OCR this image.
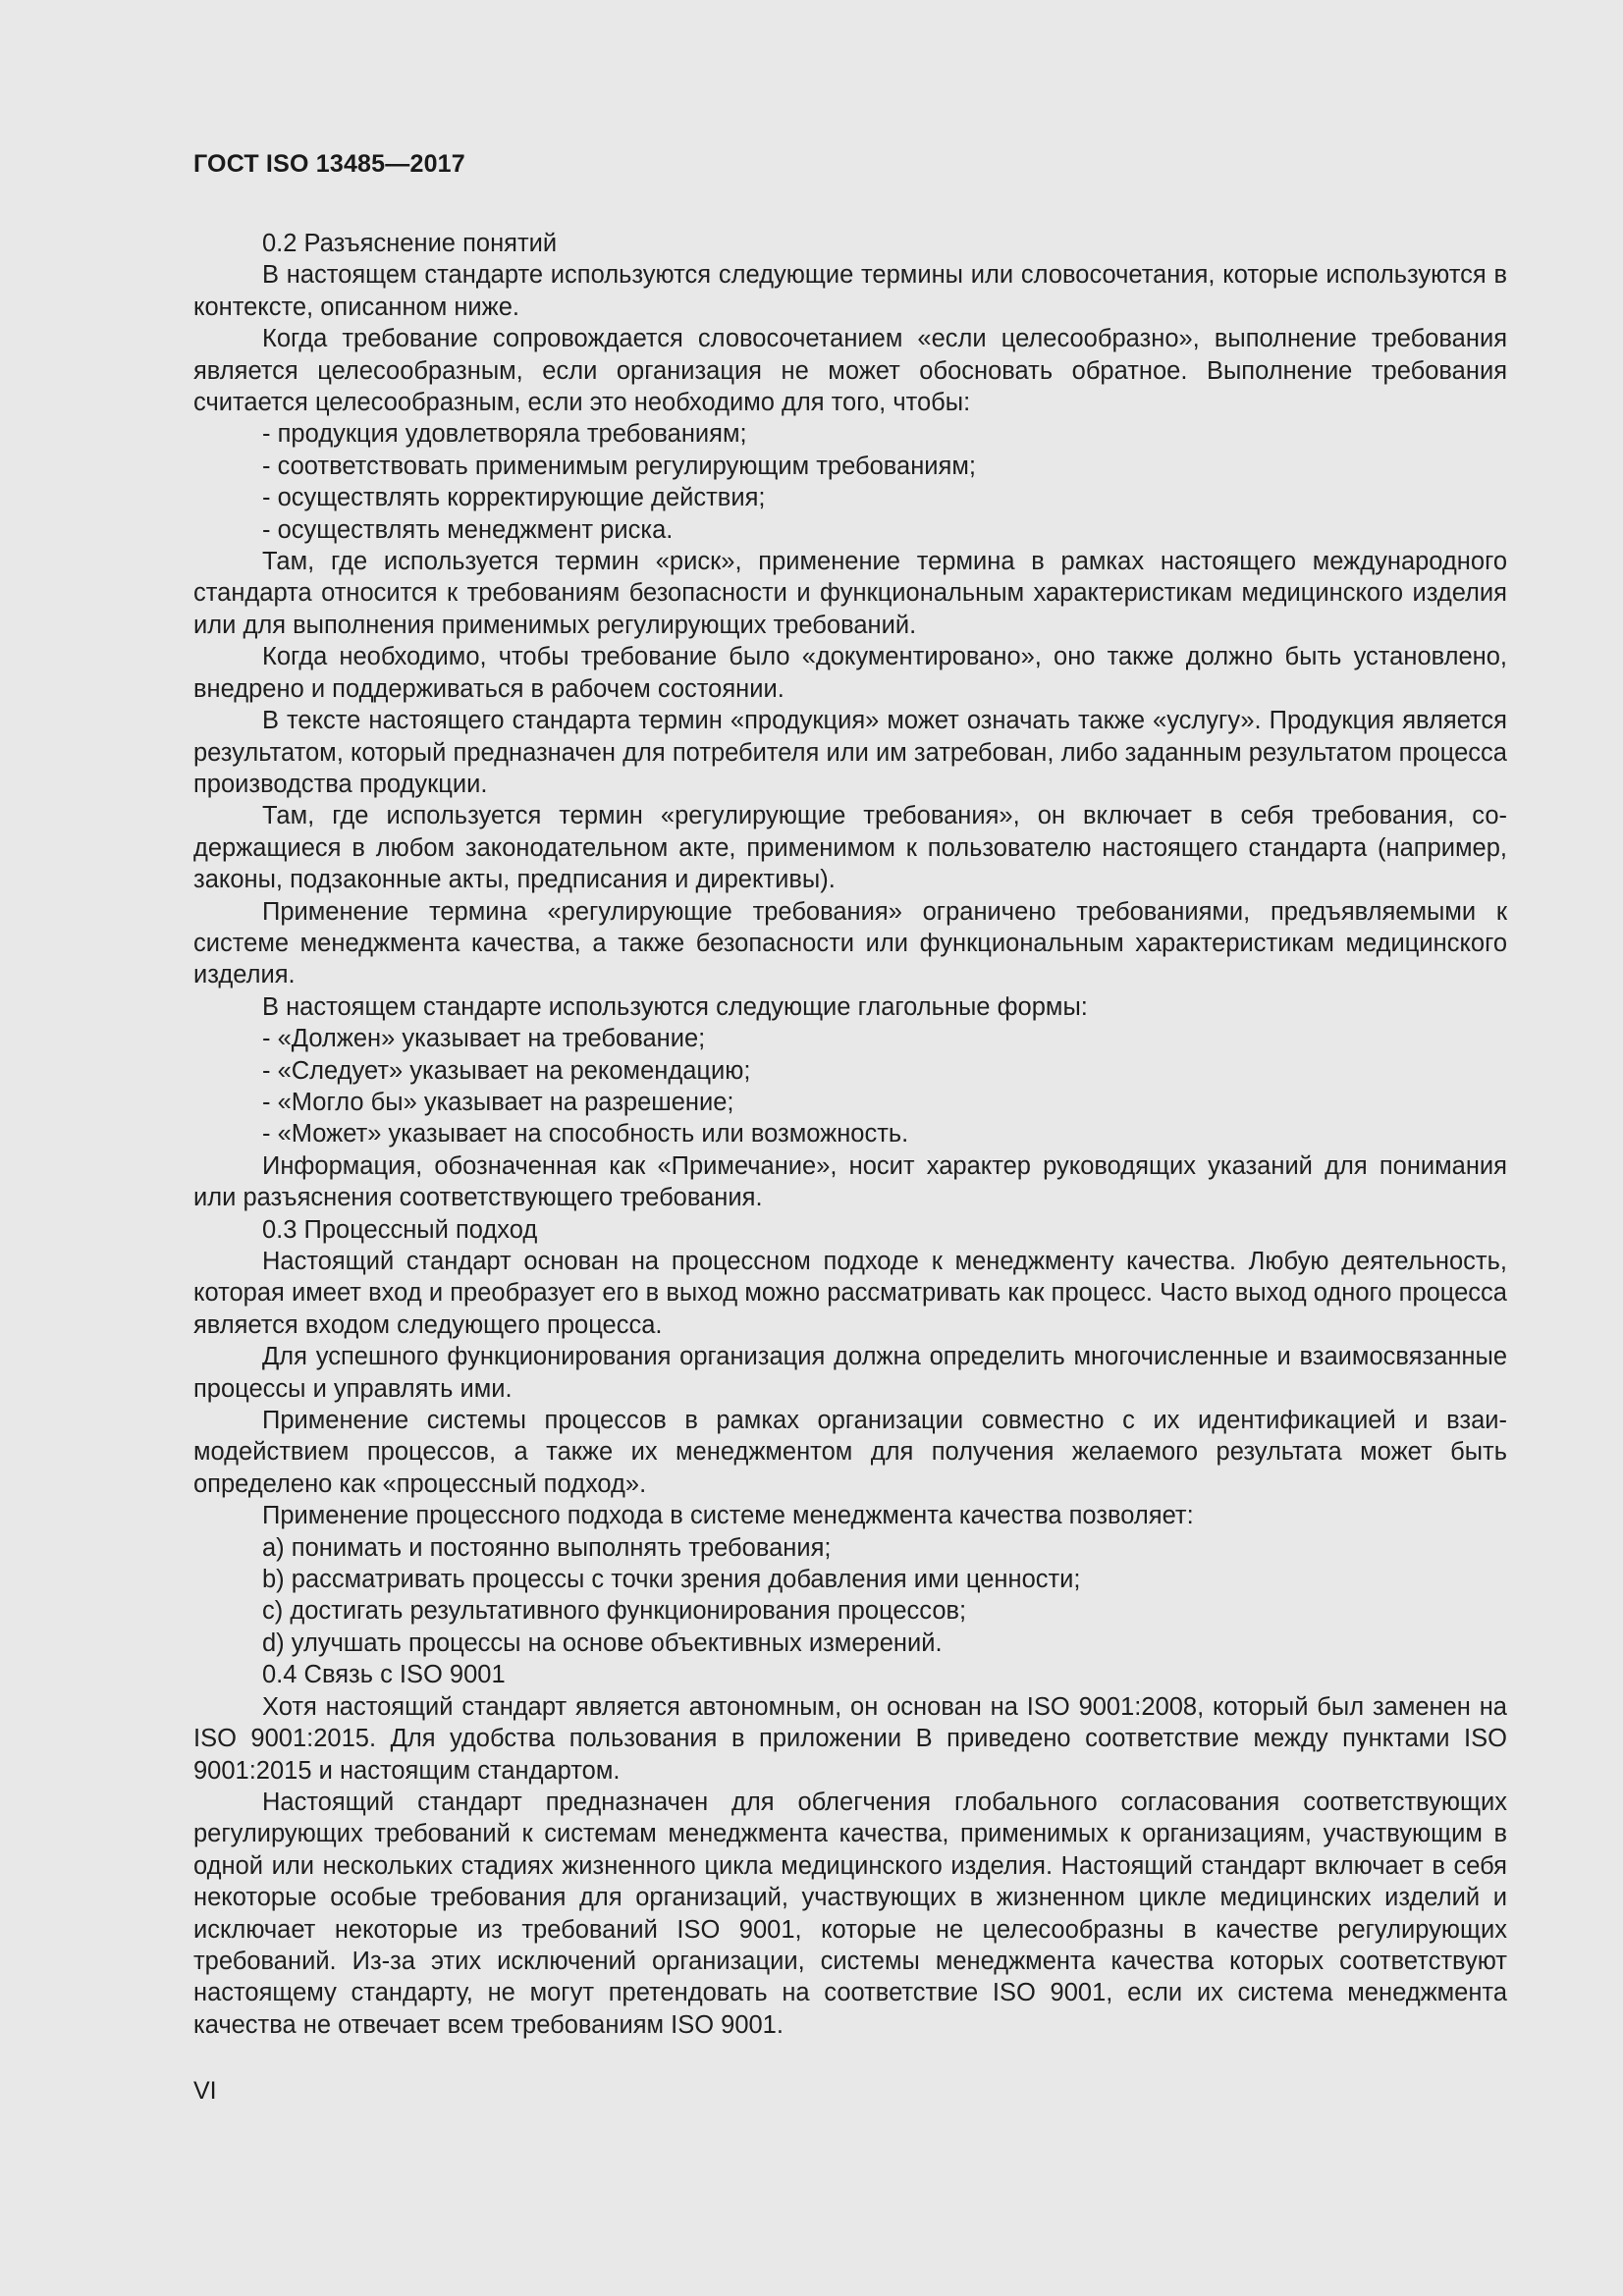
ГОСТ ISO 13485—2017

0.2 Разъяснение понятий

В настоящем стандарте используются следующие термины или словосочетания, которые используются в контексте, описанном ниже.

Когда требование сопровождается словосочетанием «если целесообразно», выполнение требования является целесообразным, если организация не может обосновать обратное. Выполнение требования считается целесообразным, если это необходимо для того, чтобы:

- продукция удовлетворяла требованиям;

- соответствовать применимым регулирующим требованиям;

- осуществлять корректирующие действия;

- осуществлять менеджмент риска.

Там, где используется термин «риск», применение термина в рамках настоящего международного стандарта относится к требованиям безопасности и функциональным характеристикам медицинского изделия или для выполнения применимых регулирующих требований.

Когда необходимо, чтобы требование было «документировано», оно также должно быть установлено, внедрено и поддерживаться в рабочем состоянии.

В тексте настоящего стандарта термин «продукция» может означать также «услугу». Продукция является результатом, который предназначен для потребителя или им затребован, либо заданным результатом процесса производства продукции.

Там, где используется термин «регулирующие требования», он включает в себя требования, содержащиеся в любом законодательном акте, применимом к пользователю настоящего стандарта (например, законы, подзаконные акты, предписания и директивы).

Применение термина «регулирующие требования» ограничено требованиями, предъявляемыми к системе менеджмента качества, а также безопасности или функциональным характеристикам медицинского изделия.

В настоящем стандарте используются следующие глагольные формы:

- «Должен» указывает на требование;

- «Следует» указывает на рекомендацию;

- «Могло бы» указывает на разрешение;

- «Может» указывает на способность или возможность.

Информация, обозначенная как «Примечание», носит характер руководящих указаний для понимания или разъяснения соответствующего требования.

0.3 Процессный подход

Настоящий стандарт основан на процессном подходе к менеджменту качества. Любую деятельность, которая имеет вход и преобразует его в выход можно рассматривать как процесс. Часто выход одного процесса является входом следующего процесса.

Для успешного функционирования организация должна определить многочисленные и взаимосвязанные процессы и управлять ими.

Применение системы процессов в рамках организации совместно с их идентификацией и взаимодействием процессов, а также их менеджментом для получения желаемого результата может быть определено как «процессный подход».

Применение процессного подхода в системе менеджмента качества позволяет:

a) понимать и постоянно выполнять требования;

b) рассматривать процессы с точки зрения добавления ими ценности;

c) достигать результативного функционирования процессов;

d) улучшать процессы на основе объективных измерений.

0.4 Связь с ISO 9001

Хотя настоящий стандарт является автономным, он основан на ISO 9001:2008, который был заменен на ISO 9001:2015. Для удобства пользования в приложении В приведено соответствие между пунктами ISO 9001:2015 и настоящим стандартом.

Настоящий стандарт предназначен для облегчения глобального согласования соответствующих регулирующих требований к системам менеджмента качества, применимых к организациям, участвующим в одной или нескольких стадиях жизненного цикла медицинского изделия. Настоящий стандарт включает в себя некоторые особые требования для организаций, участвующих в жизненном цикле медицинских изделий и исключает некоторые из требований ISO 9001, которые не целесообразны в качестве регулирующих требований. Из-за этих исключений организации, системы менеджмента качества которых соответствуют настоящему стандарту, не могут претендовать на соответствие ISO 9001, если их система менеджмента качества не отвечает всем требованиям ISO 9001.

VI
